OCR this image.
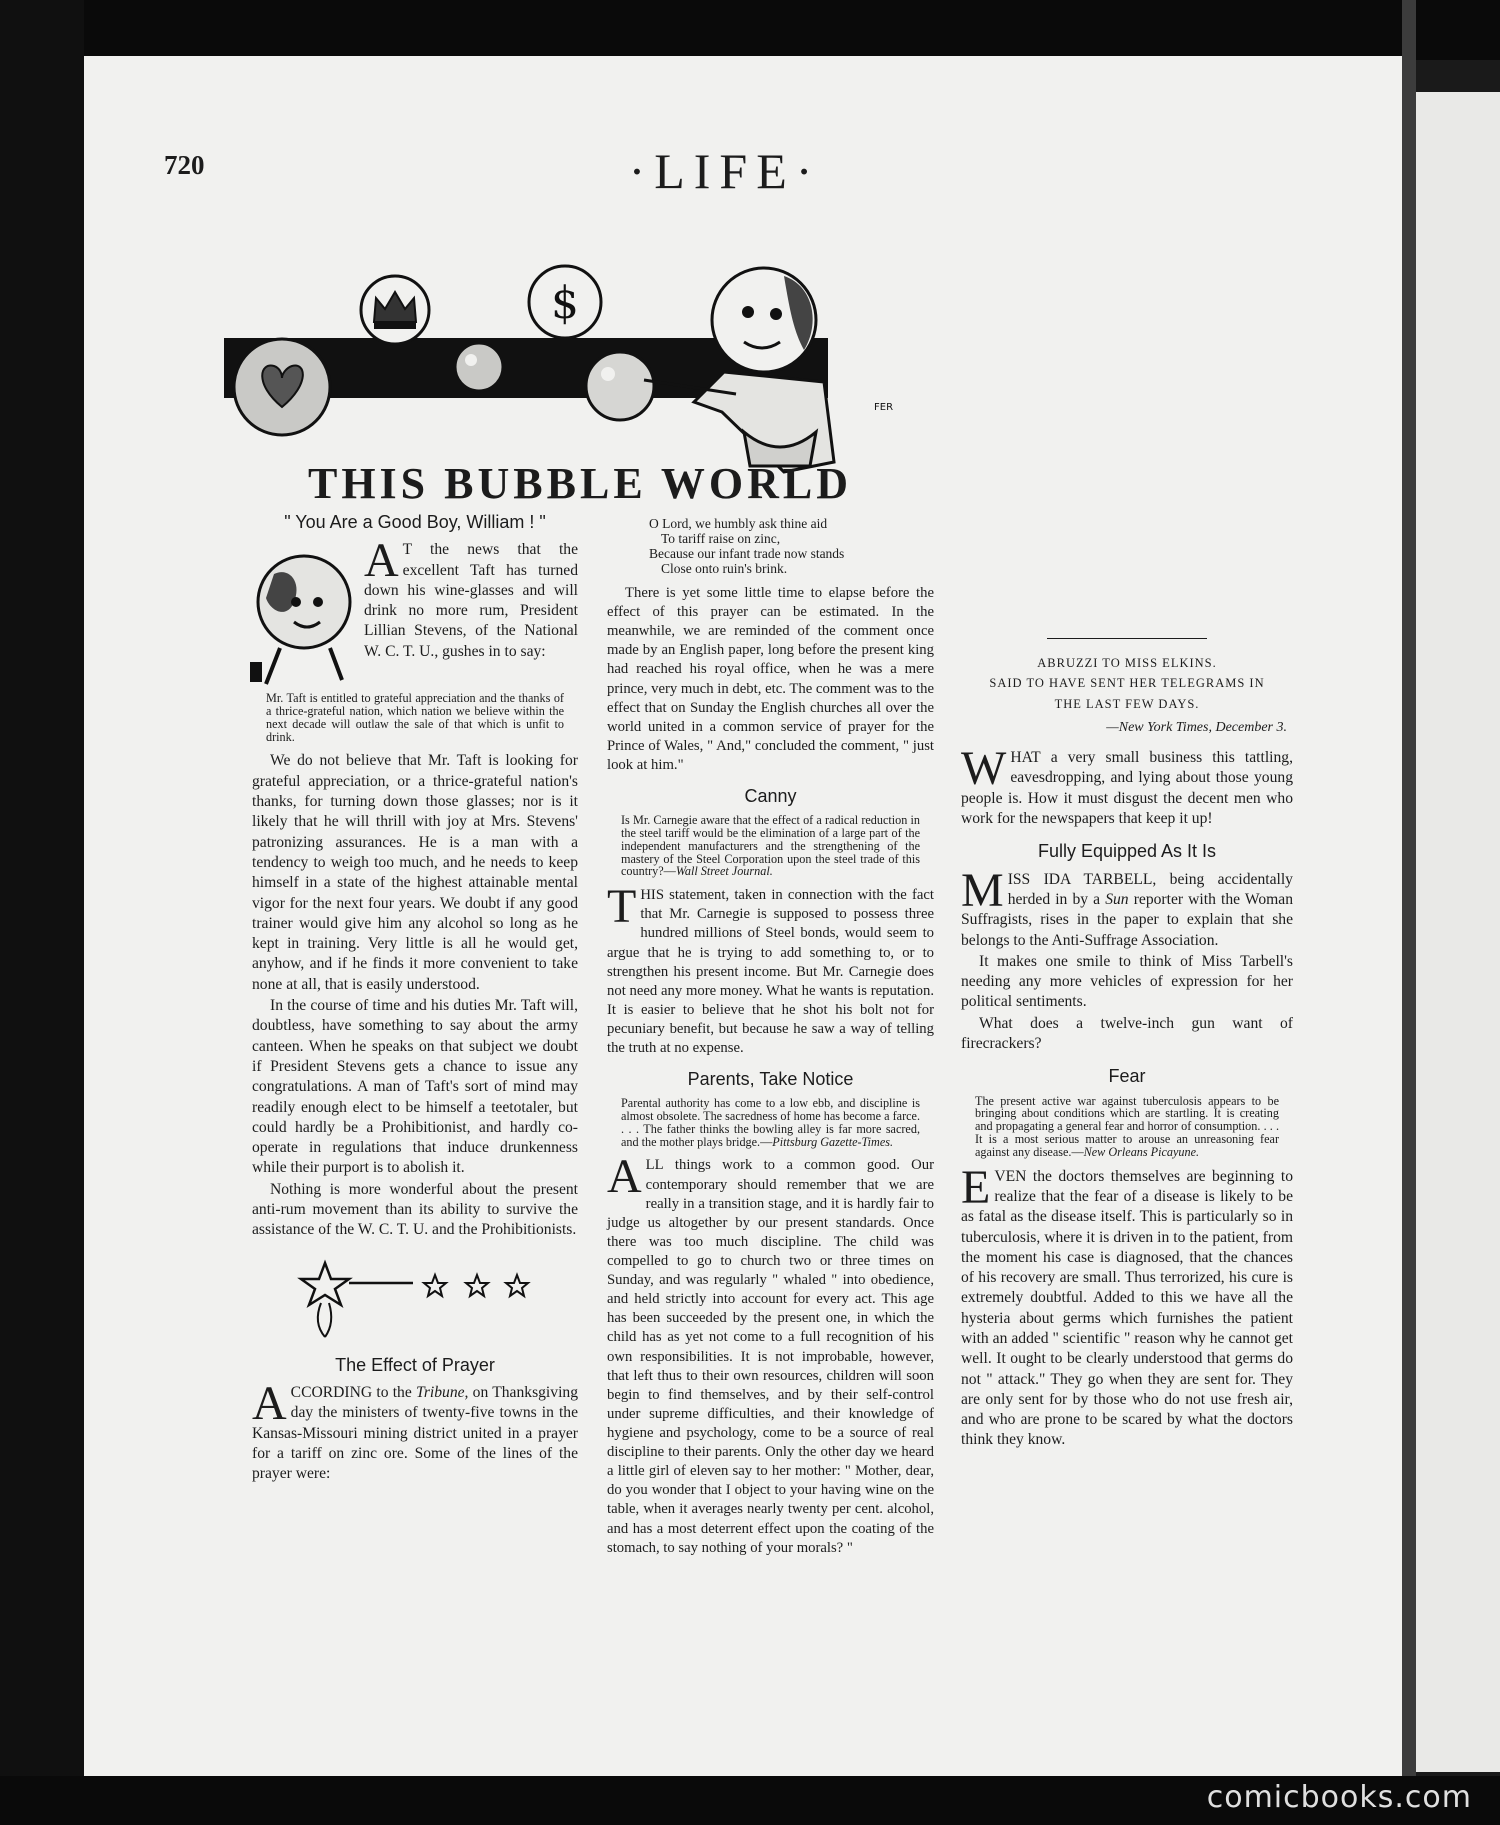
720	·LIFE·
$
FER
THIS BUBBLE WORLD
" You Are a Good Boy, William ! "

A T the news that the excellent Taft has turned down his wine-glasses and will drink no more rum, President Lillian Stevens, of the National W. C. T. U., gushes in to say:

Mr. Taft is entitled to grateful appreciation and the thanks of a thrice-grateful nation, which nation we believe within the next decade will outlaw the sale of that which is unfit to drink.

We do not believe that Mr. Taft is looking for grateful appreciation, or a thrice-grateful nation's thanks, for turning down those glasses; nor is it likely that he will thrill with joy at Mrs. Stevens' patronizing assurances. He is a man with a tendency to weigh too much, and he needs to keep himself in a state of the highest attainable mental vigor for the next four years. We doubt if any good trainer would give him any alcohol so long as he kept in training. Very little is all he would get, anyhow, and if he finds it more convenient to take none at all, that is easily understood.

In the course of time and his duties Mr. Taft will, doubtless, have something to say about the army canteen. When he speaks on that subject we doubt if President Stevens gets a chance to issue any congratulations. A man of Taft's sort of mind may readily enough elect to be himself a teetotaler, but could hardly be a Prohibitionist, and hardly co-operate in regulations that induce drunkenness while their purport is to abolish it.

Nothing is more wonderful about the present anti-rum movement than its ability to survive the assistance of the W. C. T. U. and the Prohibitionists.

The Effect of Prayer

ACCORDING to the Tribune, on Thanksgiving day the ministers of twenty-five towns in the Kansas-Missouri mining district united in a prayer for a tariff on zinc ore. Some of the lines of the prayer were:

O Lord, we humbly ask thine aid
To tariff raise on zinc,
Because our infant trade now stands
Close onto ruin's brink.

There is yet some little time to elapse before the effect of this prayer can be estimated. In the meanwhile, we are reminded of the comment once made by an English paper, long before the present king had reached his royal office, when he was a mere prince, very much in debt, etc. The comment was to the effect that on Sunday the English churches all over the world united in a common service of prayer for the Prince of Wales, " And," concluded the comment, " just look at him."

Canny
Is Mr. Carnegie aware that the effect of a radical reduction in the steel tariff would be the elimination of a large part of the independent manufacturers and the strengthening of the mastery of the Steel Corporation upon the steel trade of this country?—Wall Street Journal.

THIS statement, taken in connection with the fact that Mr. Carnegie is supposed to possess three hundred millions of Steel bonds, would seem to argue that he is trying to add something to, or to strengthen his present income. But Mr. Carnegie does not need any more money. What he wants is reputation. It is easier to believe that he shot his bolt not for pecuniary benefit, but because he saw a way of telling the truth at no expense.

Parents, Take Notice
Parental authority has come to a low ebb, and discipline is almost obsolete. The sacredness of home has become a farce. . . . The father thinks the bowling alley is far more sacred, and the mother plays bridge.—Pittsburg Gazette-Times.

ALL things work to a common good. Our contemporary should remember that we are really in a transition stage, and it is hardly fair to judge us altogether by our present standards. Once there was too much discipline. The child was compelled to go to church two or three times on Sunday, and was regularly " whaled " into obedience, and held strictly into account for every act. This age has been succeeded by the present one, in which the child has as yet not come to a full recognition of his own responsibilities. It is not improbable, however, that left thus to their own resources, children will soon begin to find themselves, and by their self-control under supreme difficulties, and their knowledge of hygiene and psychology, come to be a source of real discipline to their parents. Only the other day we heard a little girl of eleven say to her mother: " Mother, dear, do you wonder that I object to your having wine on the table, when it averages nearly twenty per cent. alcohol, and has a most deterrent effect upon the coating of the stomach, to say nothing of your morals? "

ABRUZZI TO MISS ELKINS.
SAID TO HAVE SENT HER TELEGRAMS IN
THE LAST FEW DAYS.
—New York Times, December 3.

WHAT a very small business this tattling, eavesdropping, and lying about those young people is. How it must disgust the decent men who work for the newspapers that keep it up!

Fully Equipped As It Is

MISS IDA TARBELL, being accidentally herded in by a Sun reporter with the Woman Suffragists, rises in the paper to explain that she belongs to the Anti-Suffrage Association.

It makes one smile to think of Miss Tarbell's needing any more vehicles of expression for her political sentiments.

What does a twelve-inch gun want of firecrackers?

Fear
The present active war against tuberculosis appears to be bringing about conditions which are startling. It is creating and propagating a general fear and horror of consumption. . . . It is a most serious matter to arouse an unreasoning fear against any disease.—New Orleans Picayune.

EVEN the doctors themselves are beginning to realize that the fear of a disease is likely to be as fatal as the disease itself. This is particularly so in tuberculosis, where it is driven in to the patient, from the moment his case is diagnosed, that the chances of his recovery are small. Thus terrorized, his cure is extremely doubtful. Added to this we have all the hysteria about germs which furnishes the patient with an added " scientific " reason why he cannot get well. It ought to be clearly understood that germs do not " attack." They go when they are sent for. They are only sent for by those who do not use fresh air, and who are prone to be scared by what the doctors think they know.

comicbooks.com
